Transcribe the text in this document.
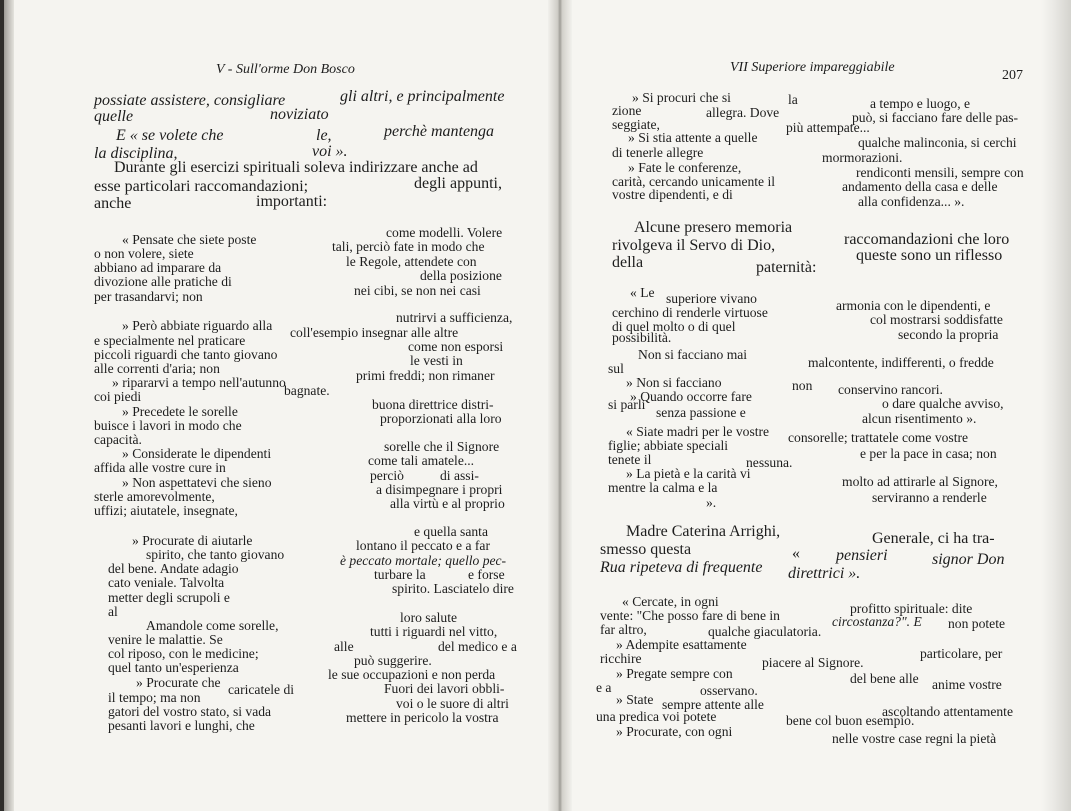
V - Sull'orme Don Bosco
possiate assistere, consigliare	gli altri, e principalmente
quelle	noviziato
E « se volete che	le,	perchè mantenga
la disciplina,	voi ».
Durante gli esercizi spirituali soleva indirizzare anche ad
esse particolari raccomandazioni;	degli appunti,
anche	importanti:
« Pensate che siete poste	come modelli. Volere
o non volere, siete	tali, perciò fate in modo che
abbiano ad imparare da	le Regole, attendete con
divozione alle pratiche di	della posizione
per trasandarvi; non	nei cibi, se non nei casi
» Però abbiate riguardo alla
nutrirvi a sufficienza,
e specialmente nel praticare
coll'esempio insegnar alle altre
piccoli riguardi che tanto giovano
come non esporsi
alle correnti d'aria; non
le vesti in
» ripararvi a tempo nell'autunno	primi freddi; non rimaner
coi piedi	bagnate.
» Precedete le sorelle	buona direttrice distri-
buisce i lavori in modo che	proporzionati alla loro
capacità.
» Considerate le dipendenti	sorelle che il Signore
affida alle vostre cure in	come tali amatele...
» Non aspettatevi che sieno	perciò	di assi-
sterle amorevolmente,	a disimpegnare i propri
uffizi; aiutatele, insegnate,	alla virtù e al proprio
» Procurate di aiutarle
e quella santa
spirito, che tanto giovano
lontano il peccato e a far
del bene. Andate adagio
è peccato mortale; quello pec-
cato veniale. Talvolta
turbare la	e forse
metter degli scrupoli e
spirito. Lasciatelo dire
al
Amandole come sorelle,
loro salute
venire le malattie. Se
tutti i riguardi nel vitto,
col riposo, con le medicine;	alle	del medico e a
quel tanto un'esperienza	può suggerire.
» Procurate che
le sue occupazioni e non perda
caricatele di	Fuori dei lavori obbli-
il tempo; ma non
gatori del vostro stato, si vada
voi o le suore di altri
pesanti lavori e lunghi, che
mettere in pericolo la vostra
VII Superiore impareggiabile
207
» Si procuri che si	la	a tempo e luogo, e
zione	allegra. Dove	può, si facciano fare delle pas-
seggiate,	più attempate...
» Si stia attente a quelle	qualche malinconia, si cerchi
di tenerle allegre	mormorazioni.
» Fate le conferenze,	rendiconti mensili, sempre con
carità, cercando unicamente il	andamento della casa e delle
vostre dipendenti, e di	alla confidenza... ».
Alcune presero memoria
raccomandazioni che loro
rivolgeva il Servo di Dio,
queste sono un riflesso
della	paternità:
« Le superiore vivano	armonia con le dipendenti, e
cerchino di renderle virtuose	col mostrarsi soddisfatte
di quel molto o di quel
possibilità.	secondo la propria
Non si facciano mai
malcontente, indifferenti, o fredde
sul
» Non si facciano	non conservino rancori.
» Quando occorre fare
si parli	o dare qualche avviso,
senza passione e	alcun risentimento ».
« Siate madri per le vostre consorelle; trattatele come vostre
figlie; abbiate speciali
e per la pace in casa; non
tenete il	nessuna.
» La pietà e la carità vi
molto ad attirarle al Signore,
mentre la calma e la
serviranno a renderle
».
Madre Caterina Arrighi,	Generale, ci ha tra-
smesso questa	« pensieri	signor Don
Rua ripeteva di frequente direttrici ».
« Cercate, in ogni	profitto spirituale: dite
vente: "Che posso fare di bene in	circostanza?". E non potete
far altro,	qualche giaculatoria.
» Adempite esattamente
particolare, per
ricchire	piacere al Signore.
» Pregate sempre con	del bene alle anime vostre
e a	osservano.
» State sempre attente alle	ascoltando attentamente
una predica voi potete	bene col buon esempio.
» Procurate, con ogni	nelle vostre case regni la pietà
